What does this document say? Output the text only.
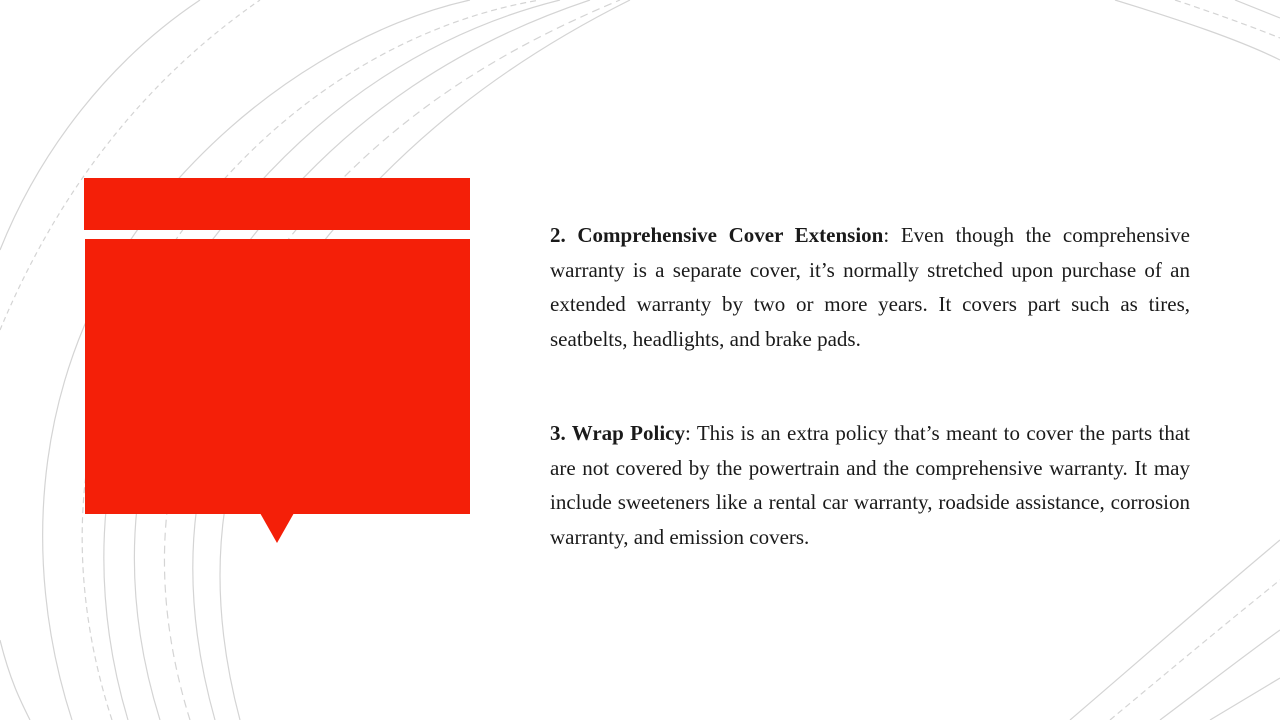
2. Comprehensive Cover Extension: Even though the comprehensive warranty is a separate cover, it’s normally stretched upon purchase of an extended warranty by two or more years. It covers part such as tires, seatbelts, headlights, and brake pads.

3. Wrap Policy: This is an extra policy that’s meant to cover the parts that are not covered by the powertrain and the comprehensive warranty. It may include sweeteners like a rental car warranty, roadside assistance, corrosion warranty, and emission covers.
